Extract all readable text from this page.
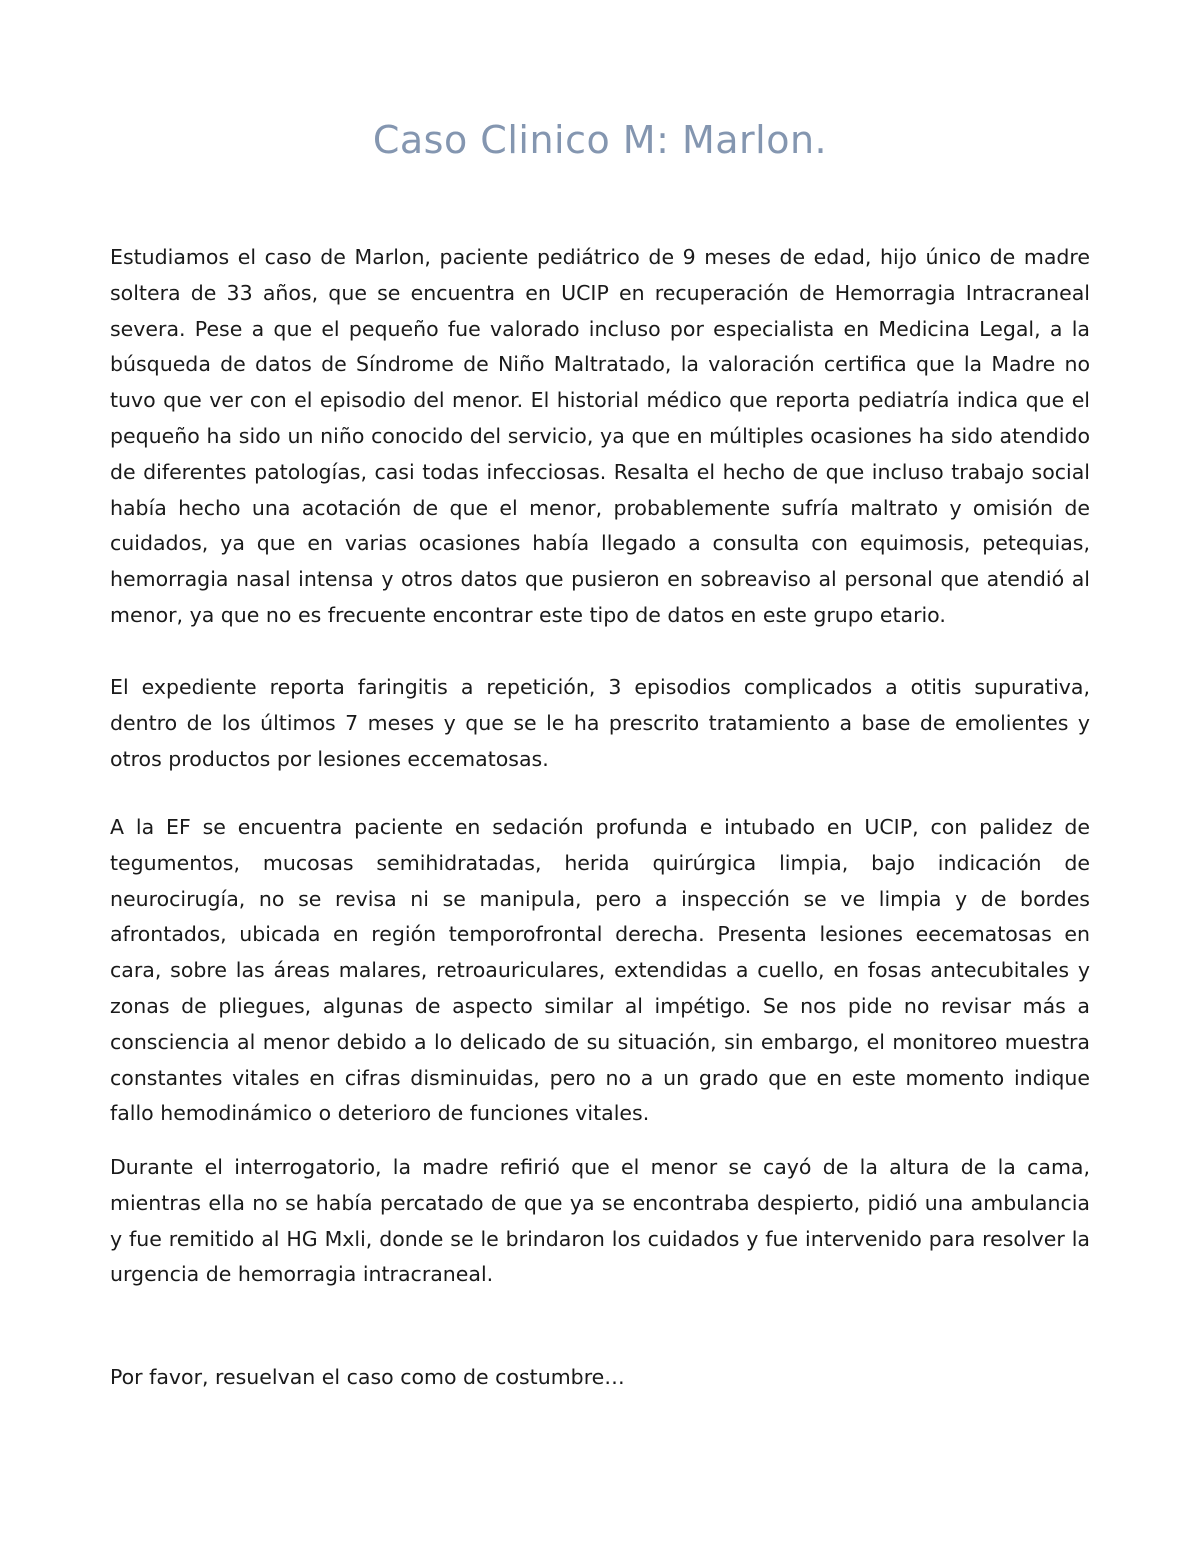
Caso Clinico M: Marlon.

Estudiamos el caso de Marlon, paciente pediátrico de 9 meses de edad, hijo único de madre soltera de 33 años, que se encuentra en UCIP en recuperación de Hemorragia Intracraneal severa. Pese a que el pequeño fue valorado incluso por especialista en Medicina Legal, a la búsqueda de datos de Síndrome de Niño Maltratado, la valoración certifica que la Madre no tuvo que ver con el episodio del menor. El historial médico que reporta pediatría indica que el pequeño ha sido un niño conocido del servicio, ya que en múltiples ocasiones ha sido atendido de diferentes patologías, casi todas infecciosas. Resalta el hecho de que incluso trabajo social había hecho una acotación de que el menor, probablemente sufría maltrato y omisión de cuidados, ya que en varias ocasiones había llegado a consulta con equimosis, petequias, hemorragia nasal intensa y otros datos que pusieron en sobreaviso al personal que atendió al menor, ya que no es frecuente encontrar este tipo de datos en este grupo etario.

El expediente reporta faringitis a repetición, 3 episodios complicados a otitis supurativa, dentro de los últimos 7 meses y que se le ha prescrito tratamiento a base de emolientes y otros productos por lesiones eccematosas.

A la EF se encuentra paciente en sedación profunda e intubado en UCIP, con palidez de tegumentos, mucosas semihidratadas, herida quirúrgica limpia, bajo indicación de neurocirugía, no se revisa ni se manipula, pero a inspección se ve limpia y de bordes afrontados, ubicada en región temporofrontal derecha. Presenta lesiones eecematosas en cara, sobre las áreas malares, retroauriculares, extendidas a cuello, en fosas antecubitales y zonas de pliegues, algunas de aspecto similar al impétigo. Se nos pide no revisar más a consciencia al menor debido a lo delicado de su situación, sin embargo, el monitoreo muestra constantes vitales en cifras disminuidas, pero no a un grado que en este momento indique fallo hemodinámico o deterioro de funciones vitales.

Durante el interrogatorio, la madre refirió que el menor se cayó de la altura de la cama, mientras ella no se había percatado de que ya se encontraba despierto, pidió una ambulancia y fue remitido al HG Mxli, donde se le brindaron los cuidados y fue intervenido para resolver la urgencia de hemorragia intracraneal.

Por favor, resuelvan el caso como de costumbre…
